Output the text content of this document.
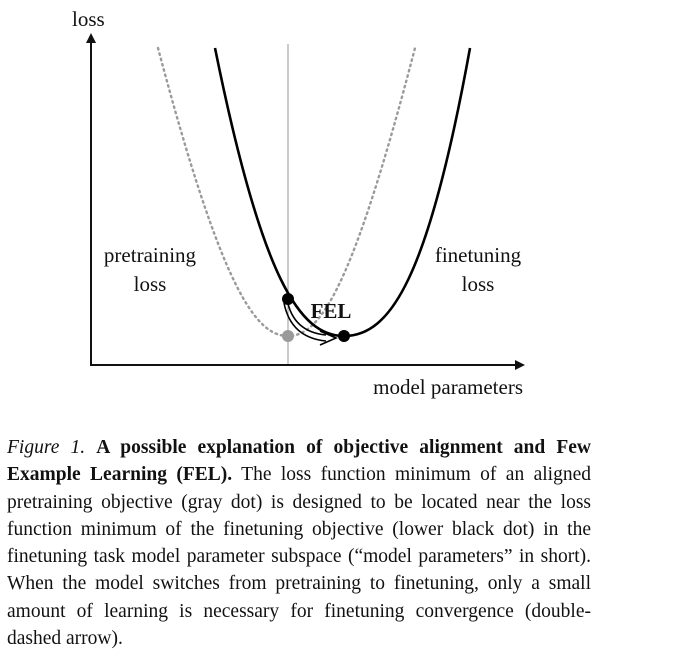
loss
model parameters
pretraining
loss
finetuning
loss
FEL

Figure 1. A possible explanation of objective alignment and Few Example Learning (FEL). The loss function minimum of an aligned pretraining objective (gray dot) is designed to be located near the loss function minimum of the finetuning objective (lower black dot) in the finetuning task model parameter subspace (“model parameters” in short). When the model switches from pretraining to finetuning, only a small amount of learning is necessary for finetuning convergence (double-dashed arrow).
